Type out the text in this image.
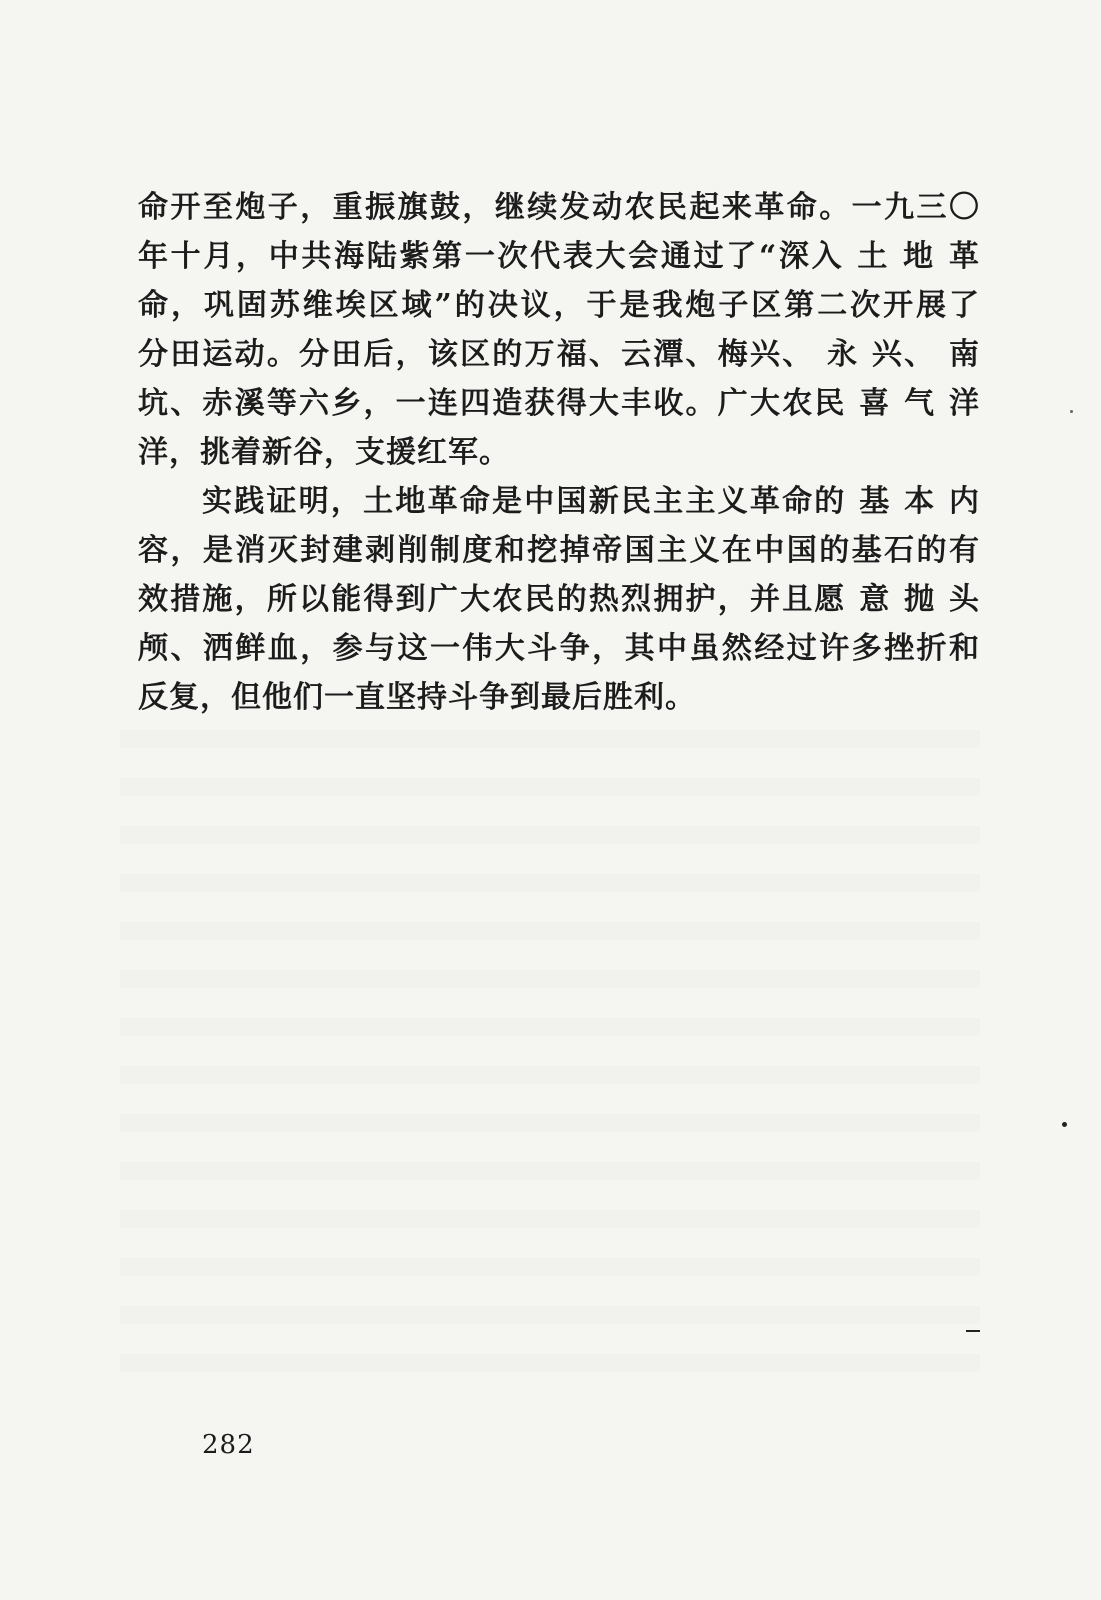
命开至炮子，重振旗鼓，继续发动农民起来革命。一九三〇
年十月，中共海陆紫第一次代表大会通过了“深入 土 地 革
命，巩固苏维埃区域”的决议，于是我炮子区第二次开展了
分田运动。分田后，该区的万福、云潭、梅兴、 永 兴、 南
坑、赤溪等六乡，一连四造获得大丰收。广大农民 喜 气 洋
洋，挑着新谷，支援红军。
实践证明，土地革命是中国新民主主义革命的 基 本 内
容，是消灭封建剥削制度和挖掉帝国主义在中国的基石的有
效措施，所以能得到广大农民的热烈拥护，并且愿 意 抛 头
颅、洒鲜血，参与这一伟大斗争，其中虽然经过许多挫折和
反复，但他们一直坚持斗争到最后胜利。
282
